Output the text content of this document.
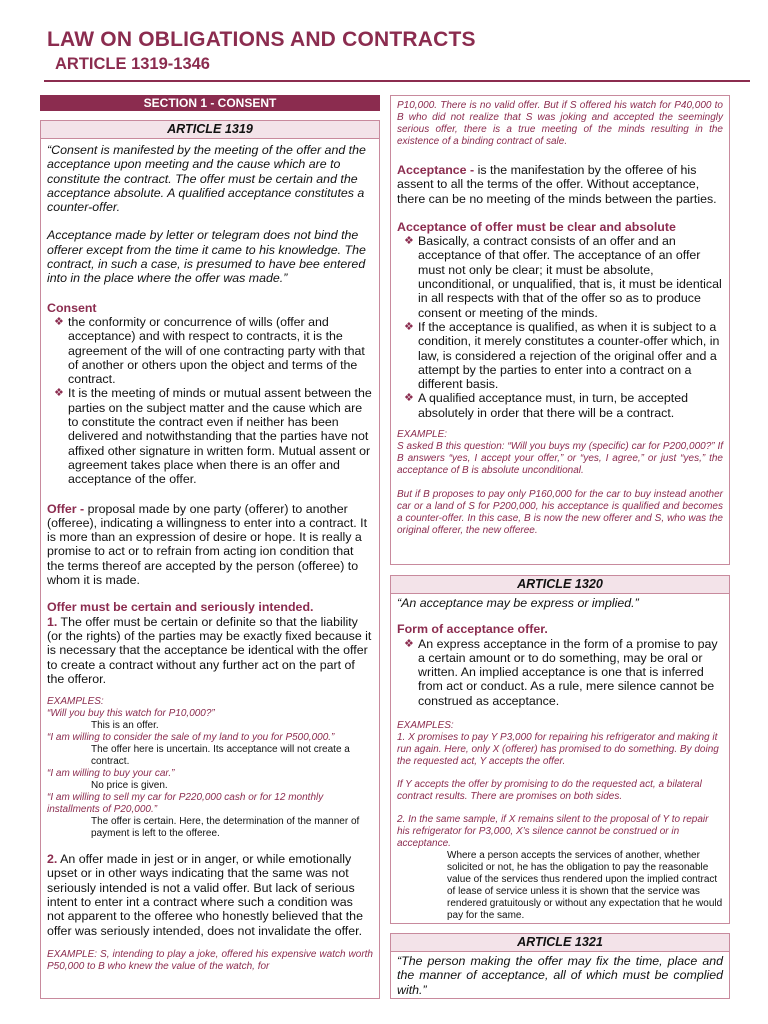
LAW ON OBLIGATIONS AND CONTRACTS
ARTICLE 1319-1346
SECTION 1 - CONSENT
ARTICLE 1319

“Consent is manifested by the meeting of the offer and the acceptance upon meeting and the cause which are to constitute the contract. The offer must be certain and the acceptance absolute. A qualified acceptance constitutes a counter-offer.

Acceptance made by letter or telegram does not bind the offerer except from the time it came to his knowledge. The contract, in such a case, is presumed to have bee entered into in the place where the offer was made.”

Consent

❖ the conformity or concurrence of wills (offer and acceptance) and with respect to contracts, it is the agreement of the will of one contracting party with that of another or others upon the object and terms of the contract.
❖ It is the meeting of minds or mutual assent between the parties on the subject matter and the cause which are to constitute the contract even if neither has been delivered and notwithstanding that the parties have not affixed other signature in written form. Mutual assent or agreement takes place when there is an offer and acceptance of the offer.

Offer - proposal made by one party (offerer) to another (offeree), indicating a willingness to enter into a contract. It is more than an expression of desire or hope. It is really a promise to act or to refrain from acting ion condition that the terms thereof are accepted by the person (offeree) to whom it is made.

Offer must be certain and seriously intended.

1. The offer must be certain or definite so that the liability (or the rights) of the parties may be exactly fixed because it is necessary that the acceptance be identical with the offer to create a contract without any further act on the part of the offeror.

EXAMPLES:

“Will you buy this watch for P10,000?”

This is an offer.

“I am willing to consider the sale of my land to you for P500,000.”

The offer here is uncertain. Its acceptance will not create a contract.

“I am willing to buy your car.”

No price is given.

“I am willing to sell my car for P220,000 cash or for 12 monthly installments of P20,000.”

The offer is certain. Here, the determination of the manner of payment is left to the offeree.

2. An offer made in jest or in anger, or while emotionally upset or in other ways indicating that the same was not seriously intended is not a valid offer. But lack of serious intent to enter int a contract where such a condition was not apparent to the offeree who honestly believed that the offer was seriously intended, does not invalidate the offer.

EXAMPLE: S, intending to play a joke, offered his expensive watch worth P50,000 to B who knew the value of the watch, for

P10,000. There is no valid offer. But if S offered his watch for P40,000 to B who did not realize that S was joking and accepted the seemingly serious offer, there is a true meeting of the minds resulting in the existence of a binding contract of sale.

Acceptance - is the manifestation by the offeree of his assent to all the terms of the offer. Without acceptance, there can be no meeting of the minds between the parties.

Acceptance of offer must be clear and absolute

❖ Basically, a contract consists of an offer and an acceptance of that offer. The acceptance of an offer must not only be clear; it must be absolute, unconditional, or unqualified, that is, it must be identical in all respects with that of the offer so as to produce consent or meeting of the minds.
❖ If the acceptance is qualified, as when it is subject to a condition, it merely constitutes a counter-offer which, in law, is considered a rejection of the original offer and a attempt by the parties to enter into a contract on a different basis.
❖ A qualified acceptance must, in turn, be accepted absolutely in order that there will be a contract.

EXAMPLE:

S asked B this question: “Will you buys my (specific) car for P200,000?” If B answers “yes, I accept your offer,” or “yes, I agree,” or just “yes,” the acceptance of B is absolute unconditional.

But if B proposes to pay only P160,000 for the car to buy instead another car or a land of S for P200,000, his acceptance is qualified and becomes a counter-offer. In this case, B is now the new offerer and S, who was the original offerer, the new offeree.

ARTICLE 1320

“An acceptance may be express or implied.”

Form of acceptance offer.

❖ An express acceptance in the form of a promise to pay a certain amount or to do something, may be oral or written. An implied acceptance is one that is inferred from act or conduct. As a rule, mere silence cannot be construed as acceptance.

EXAMPLES:

1. X promises to pay Y P3,000 for repairing his refrigerator and making it run again. Here, only X (offerer) has promised to do something. By doing the requested act, Y accepts the offer.

If Y accepts the offer by promising to do the requested act, a bilateral contract results. There are promises on both sides.

2. In the same sample, if X remains silent to the proposal of Y to repair his refrigerator for P3,000, X’s silence cannot be construed or in acceptance.

Where a person accepts the services of another, whether solicited or not, he has the obligation to pay the reasonable value of the services thus rendered upon the implied contract of lease of service unless it is shown that the service was rendered gratuitously or without any expectation that he would pay for the same.

ARTICLE 1321

“The person making the offer may fix the time, place and the manner of acceptance, all of which must be complied with.”
